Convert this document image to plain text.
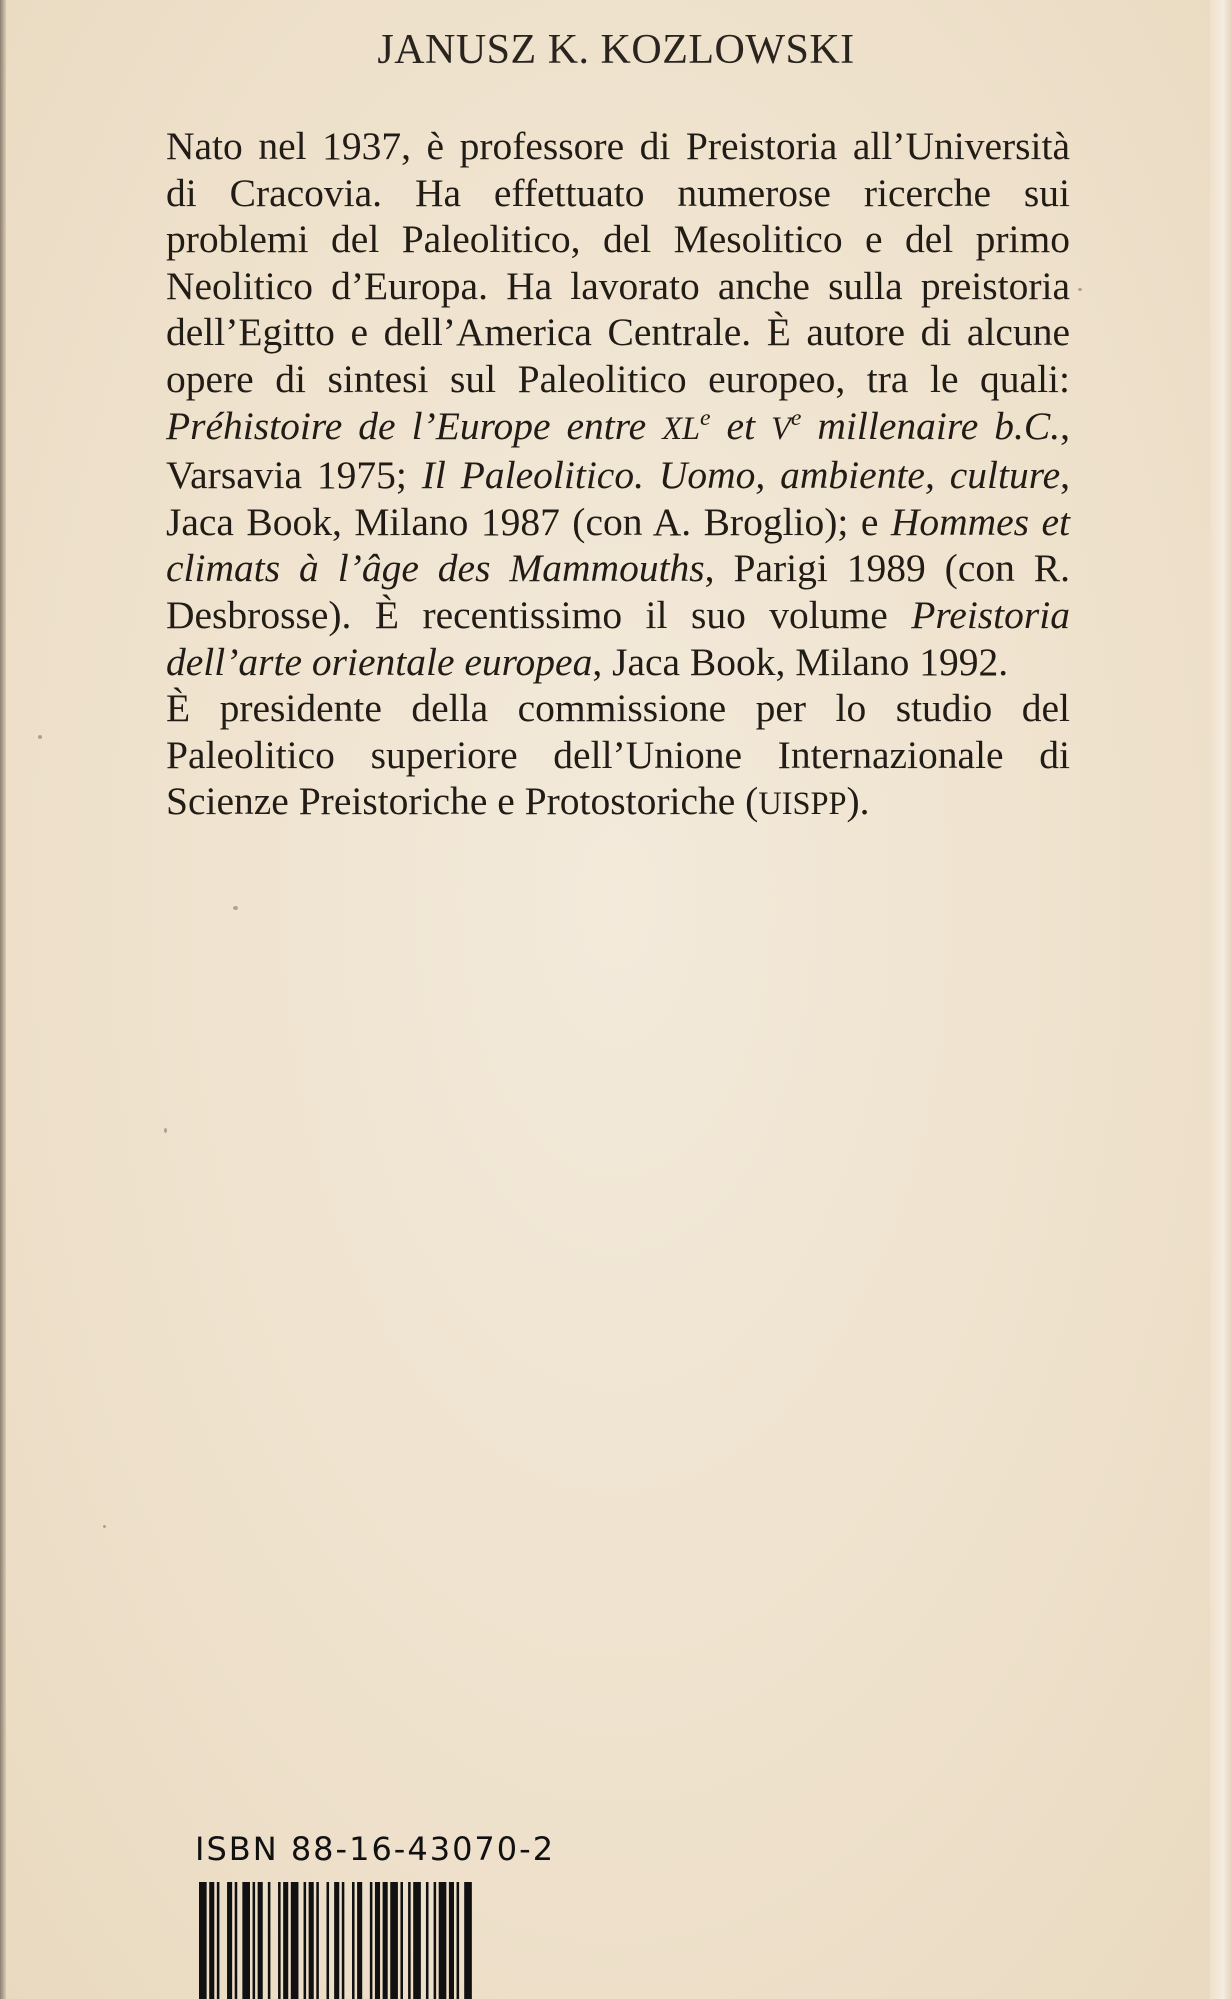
JANUSZ K. KOZLOWSKI

Nato nel 1937, è professore di Preistoria all’Università di Cracovia. Ha effettuato numerose ricerche sui problemi del Paleolitico, del Mesolitico e del primo Neolitico d’Europa. Ha lavorato anche sulla preistoria dell’Egitto e dell’America Centrale. È autore di alcune opere di sintesi sul Paleolitico europeo, tra le quali: Préhistoire de l’Europe entre XLe et Ve millenaire b.C., Varsavia 1975; Il Paleolitico. Uomo, ambiente, culture, Jaca Book, Milano 1987 (con A. Broglio); e Hommes et climats à l’âge des Mammouths, Parigi 1989 (con R. Desbrosse). È recentissimo il suo volume Preistoria dell’arte orientale europea, Jaca Book, Milano 1992.

È presidente della commissione per lo studio del Paleolitico superiore dell’Unione Internazionale di Scienze Preistoriche e Protostoriche (UISPP).

ISBN 88-16-43070-2
